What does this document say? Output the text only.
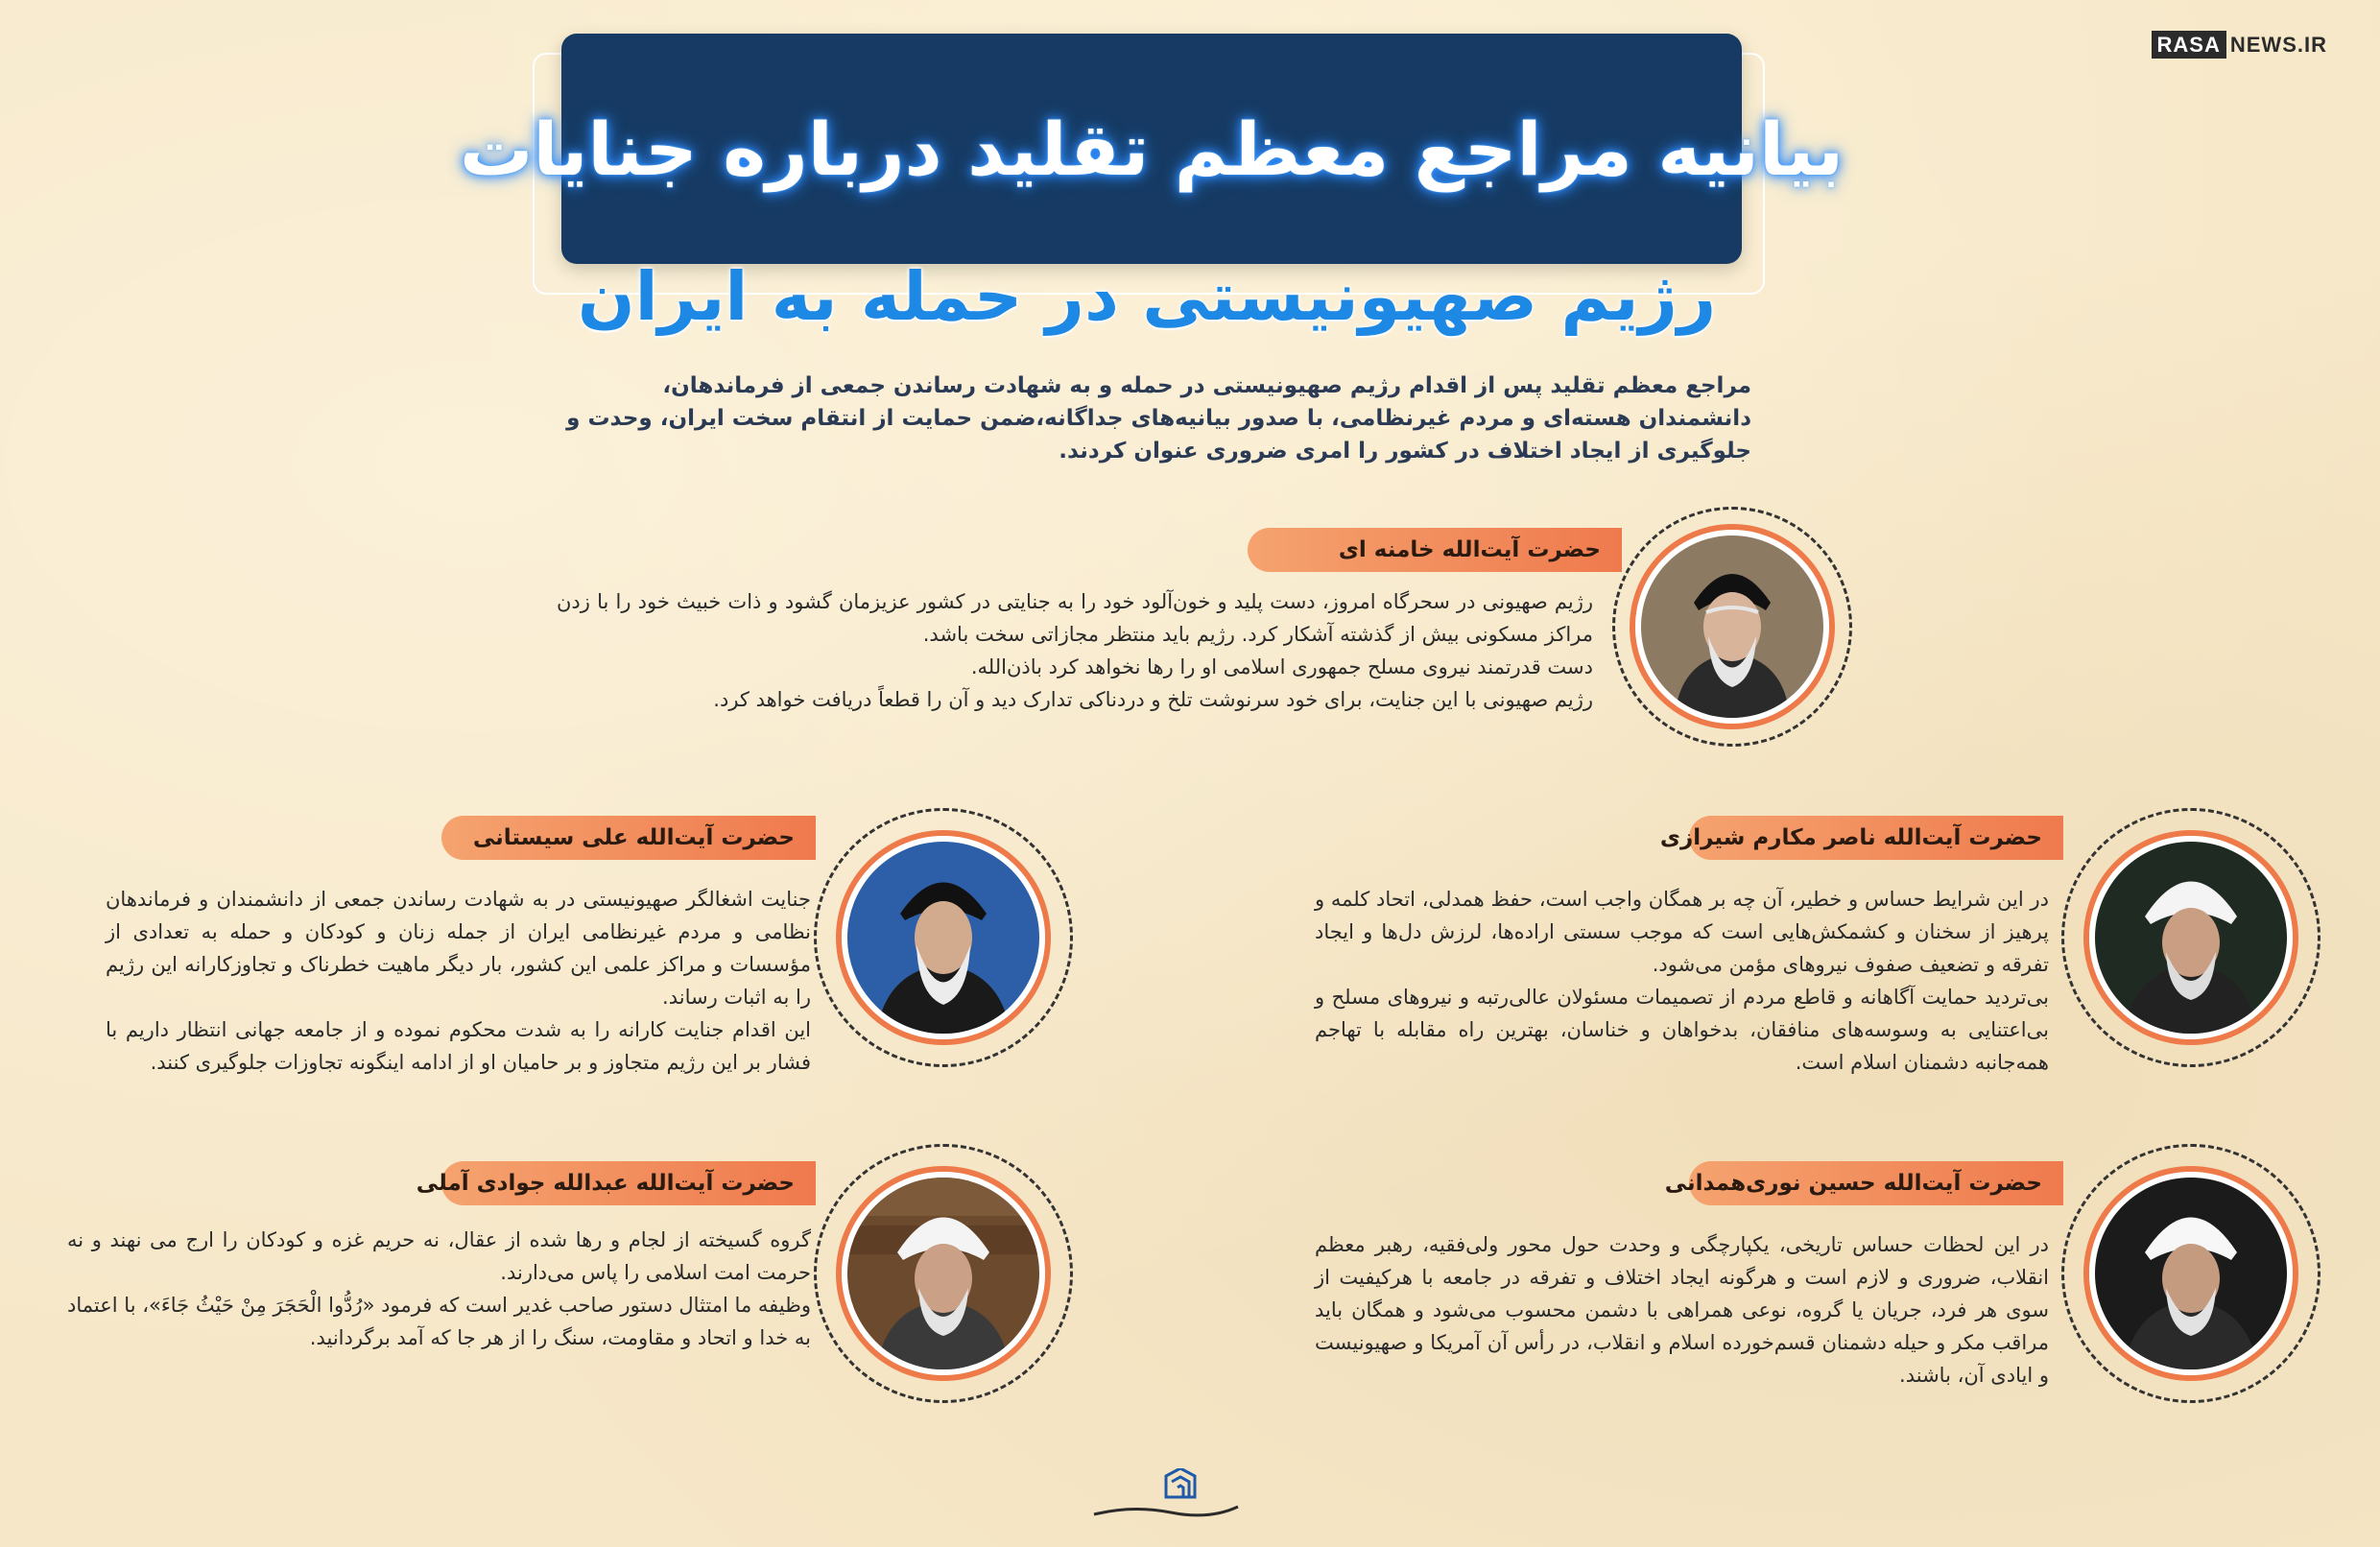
RASA NEWS.IR
بیانیه مراجع معظم تقلید درباره جنایات
رژیم صهیونیستی در حمله به ایران
مراجع معظم تقلید پس از اقدام رژیم صهیونیستی در حمله و به شهادت رساندن جمعی از فرماندهان، دانشمندان هسته‌ای و مردم غیرنظامی، با صدور بیانیه‌های جداگانه،ضمن حمایت از انتقام سخت ایران، وحدت و جلوگیری از ایجاد اختلاف در کشور را امری ضروری عنوان کردند.
حضرت آیت‌الله خامنه ای

رژیم صهیونی در سحرگاه امروز، دست پلید و خون‌آلود خود را به جنایتی در کشور عزیزمان گشود و ذات خبیث خود را با زدن مراکز مسکونی بیش از گذشته آشکار کرد. رژیم باید منتظر مجازاتی سخت باشد.

دست قدرتمند نیروی مسلح جمهوری اسلامی او را رها نخواهد کرد باذن‌الله.

رژیم صهیونی با این جنایت، برای خود سرنوشت تلخ و دردناکی تدارک دید و آن را قطعاً دریافت خواهد کرد.

حضرت آیت‌الله علی سیستانی

جنایت اشغالگر صهیونیستی در به شهادت رساندن جمعی از دانشمندان و فرماندهان نظامی و مردم غیرنظامی ایران از جمله زنان و کودکان و حمله به تعدادی از مؤسسات و مراکز علمی این کشور، بار دیگر ماهیت خطرناک و تجاوزکارانه این رژیم را به اثبات رساند.

این اقدام جنایت کارانه را به شدت محکوم نموده و از جامعه جهانی انتظار داریم با فشار بر این رژیم متجاوز و بر حامیان او از ادامه اینگونه تجاوزات جلوگیری کنند.

حضرت آیت‌الله ناصر مکارم شیرازی

در این شرایط حساس و خطیر، آن چه بر همگان واجب است، حفظ همدلی، اتحاد کلمه و پرهیز از سخنان و کشمکش‌هایی است که موجب سستی اراده‌ها، لرزش دل‌ها و ایجاد تفرقه و تضعیف صفوف نیروهای مؤمن می‌شود.

بی‌تردید حمایت آگاهانه و قاطع مردم از تصمیمات مسئولان عالی‌رتبه و نیروهای مسلح و بی‌اعتنایی به وسوسه‌های منافقان، بدخواهان و خناسان، بهترین راه مقابله با تهاجم همه‌جانبه دشمنان اسلام است.

حضرت آیت‌الله عبدالله جوادی آملی

گروه گسیخته از لجام و رها شده از عقال، نه حریم غزه و کودکان را ارج می نهند و نه حرمت امت اسلامی را پاس می‌دارند.

وظیفه ما امتثال دستور صاحب غدیر است که فرمود «رُدُّوا الْحَجَرَ مِنْ حَيْثُ جَاءَ»، با اعتماد به خدا و اتحاد و مقاومت، سنگ را از هر جا که آمد برگردانید.

حضرت آیت‌الله حسین نوری‌همدانی

در این لحظات حساس تاریخی، یکپارچگی و وحدت حول محور ولی‌فقیه، رهبر معظم انقلاب، ضروری و لازم است و هرگونه ایجاد اختلاف و تفرقه در جامعه با هرکیفیت از سوی هر فرد، جریان یا گروه، نوعی همراهی با دشمن محسوب می‌شود و همگان باید مراقب مکر و حیله دشمنان قسم‌خورده اسلام و انقلاب، در رأس آن آمریکا و صهیونیست و ایادی آن، باشند.
